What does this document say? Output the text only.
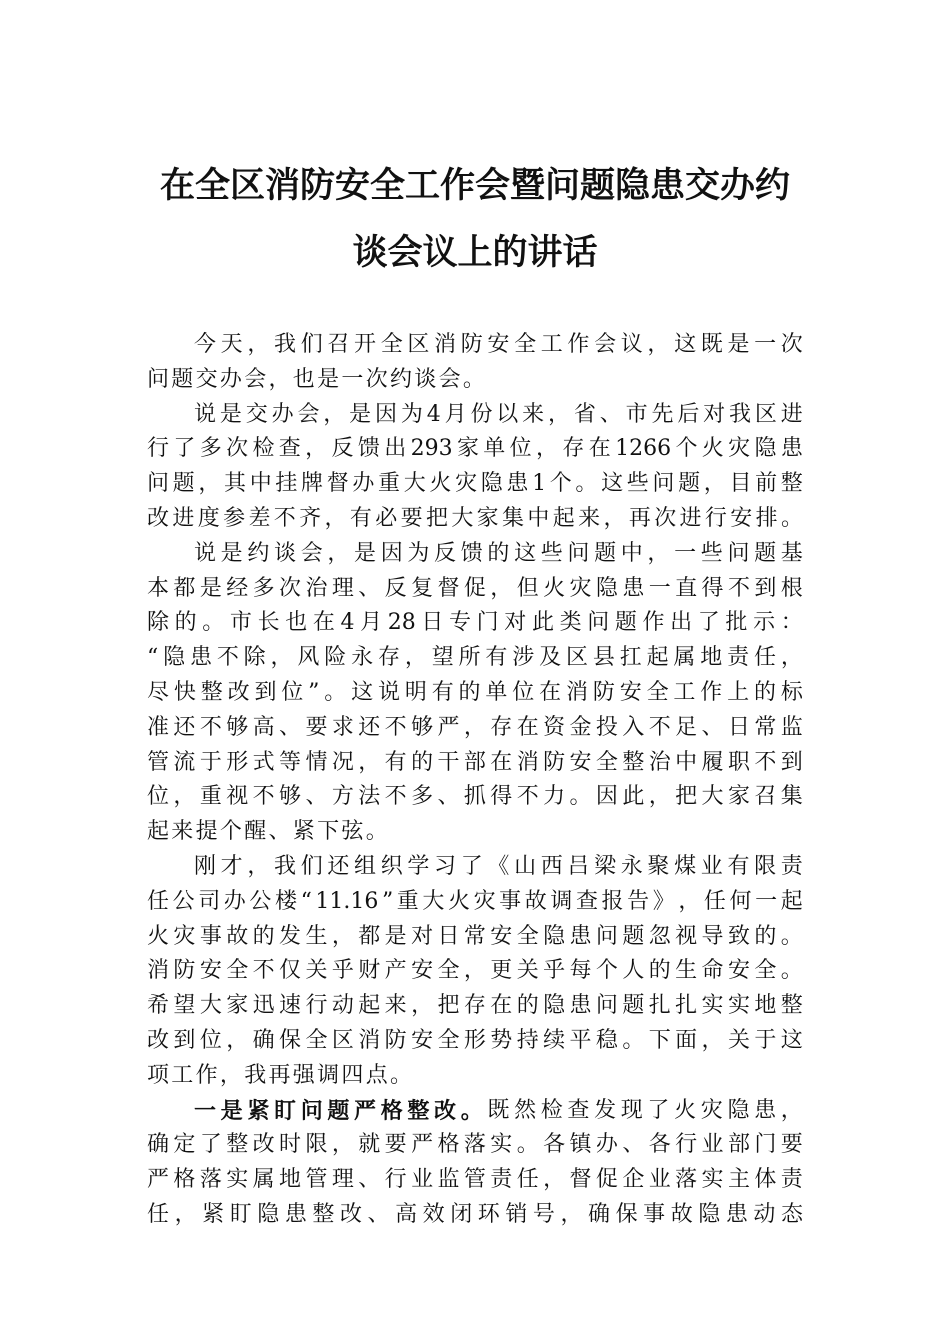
在全区消防安全工作会暨问题隐患交办约
谈会议上的讲话
今 天 ， 我 们 召 开 全 区 消 防 安 全 工 作 会 议 ， 这 既 是 一 次
问题交办会，也是一次约谈会。
说 是 交 办 会 ， 是 因 为 4 月 份 以 来 ， 省 、 市 先 后 对 我 区 进
行 了 多 次 检 查 ， 反 馈 出 293 家 单 位 ， 存 在 1266 个 火 灾 隐 患
问 题 ， 其 中 挂 牌 督 办 重 大 火 灾 隐 患 1 个 。 这 些 问 题 ， 目 前 整
改 进 度 参 差 不 齐 ， 有 必 要 把 大 家 集 中 起 来 ， 再 次 进 行 安 排 。
说 是 约 谈 会 ， 是 因 为 反 馈 的 这 些 问 题 中 ， 一 些 问 题 基
本 都 是 经 多 次 治 理 、 反 复 督 促 ， 但 火 灾 隐 患 一 直 得 不 到 根
除 的 。 市 长 也 在 4 月 28 日 专 门 对 此 类 问 题 作 出 了 批 示 ：
“ 隐 患 不 除 ， 风 险 永 存 ， 望 所 有 涉 及 区 县 扛 起 属 地 责 任 ，
尽 快 整 改 到 位 ” 。 这 说 明 有 的 单 位 在 消 防 安 全 工 作 上 的 标
准 还 不 够 高 、 要 求 还 不 够 严 ， 存 在 资 金 投 入 不 足 、 日 常 监
管 流 于 形 式 等 情 况 ， 有 的 干 部 在 消 防 安 全 整 治 中 履 职 不 到
位 ， 重 视 不 够 、 方 法 不 多 、 抓 得 不 力 。 因 此 ， 把 大 家 召 集
起来提个醒、紧下弦。
刚 才 ， 我 们 还 组 织 学 习 了 《 山 西 吕 梁 永 聚 煤 业 有 限 责
任 公 司 办 公 楼 “ 11.16 ” 重 大 火 灾 事 故 调 查 报 告 》 ， 任 何 一 起
火 灾 事 故 的 发 生 ， 都 是 对 日 常 安 全 隐 患 问 题 忽 视 导 致 的 。
消 防 安 全 不 仅 关 乎 财 产 安 全 ， 更 关 乎 每 个 人 的 生 命 安 全 。
希 望 大 家 迅 速 行 动 起 来 ， 把 存 在 的 隐 患 问 题 扎 扎 实 实 地 整
改 到 位 ， 确 保 全 区 消 防 安 全 形 势 持 续 平 稳 。 下 面 ， 关 于 这
项工作，我再强调四点。
一 是 紧 盯 问 题 严 格 整 改 。 既 然 检 查 发 现 了 火 灾 隐 患 ，
确 定 了 整 改 时 限 ， 就 要 严 格 落 实 。 各 镇 办 、 各 行 业 部 门 要
严 格 落 实 属 地 管 理 、 行 业 监 管 责 任 ， 督 促 企 业 落 实 主 体 责
任 ， 紧 盯 隐 患 整 改 、 高 效 闭 环 销 号 ， 确 保 事 故 隐 患 动 态
